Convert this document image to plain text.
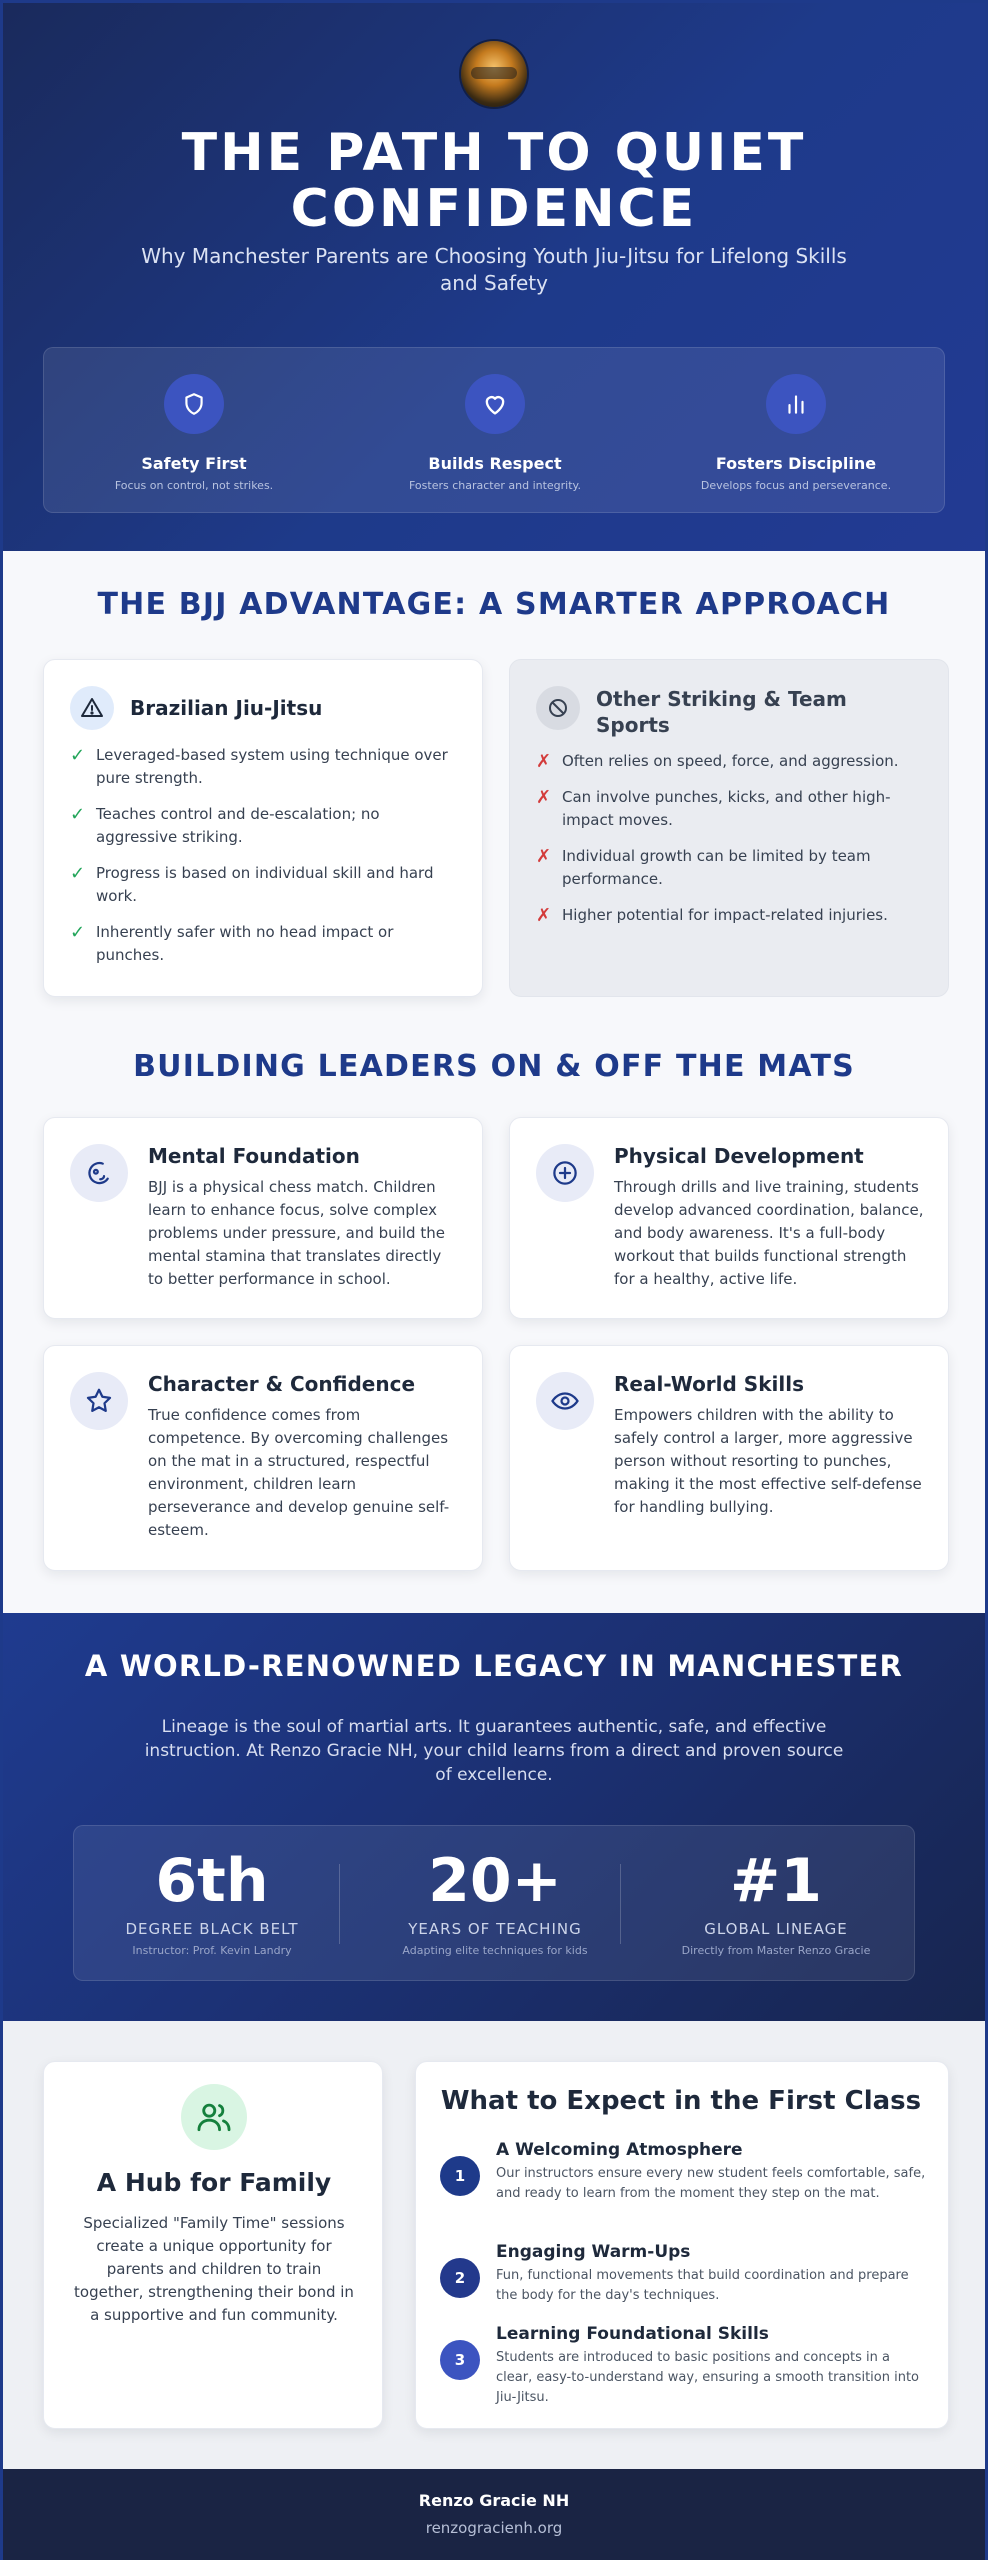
THE PATH TO QUIET CONFIDENCE

Why Manchester Parents are Choosing Youth Jiu-Jitsu for Lifelong Skills and Safety

Safety First
Focus on control, not strikes.
Builds Respect
Fosters character and integrity.
Fosters Discipline
Develops focus and perseverance.
THE BJJ ADVANTAGE: A SMARTER APPROACH
Brazilian Jiu-Jitsu
✓ Leveraged-based system using technique over pure strength.
✓ Teaches control and de-escalation; no aggressive striking.
✓ Progress is based on individual skill and hard work.
✓ Inherently safer with no head impact or punches.
Other Striking & Team Sports
✗ Often relies on speed, force, and aggression.
✗ Can involve punches, kicks, and other high-impact moves.
✗ Individual growth can be limited by team performance.
✗ Higher potential for impact-related injuries.
BUILDING LEADERS ON & OFF THE MATS
Mental Foundation
BJJ is a physical chess match. Children learn to enhance focus, solve complex problems under pressure, and build the mental stamina that translates directly to better performance in school.
Physical Development
Through drills and live training, students develop advanced coordination, balance, and body awareness. It's a full-body workout that builds functional strength for a healthy, active life.
Character & Confidence
True confidence comes from competence. By overcoming challenges on the mat in a structured, respectful environment, children learn perseverance and develop genuine self-esteem.
Real-World Skills
Empowers children with the ability to safely control a larger, more aggressive person without resorting to punches, making it the most effective self-defense for handling bullying.
A WORLD-RENOWNED LEGACY IN MANCHESTER

Lineage is the soul of martial arts. It guarantees authentic, safe, and effective instruction. At Renzo Gracie NH, your child learns from a direct and proven source of excellence.

6th
DEGREE BLACK BELT
Instructor: Prof. Kevin Landry
20+
YEARS OF TEACHING
Adapting elite techniques for kids
#1
GLOBAL LINEAGE
Directly from Master Renzo Gracie
A Hub for Family
Specialized "Family Time" sessions create a unique opportunity for parents and children to train together, strengthening their bond in a supportive and fun community.
What to Expect in the First Class
1
A Welcoming Atmosphere
Our instructors ensure every new student feels comfortable, safe, and ready to learn from the moment they step on the mat.
2
Engaging Warm-Ups
Fun, functional movements that build coordination and prepare the body for the day's techniques.
3
Learning Foundational Skills
Students are introduced to basic positions and concepts in a clear, easy-to-understand way, ensuring a smooth transition into Jiu-Jitsu.
Renzo Gracie NH
renzogracienh.org
